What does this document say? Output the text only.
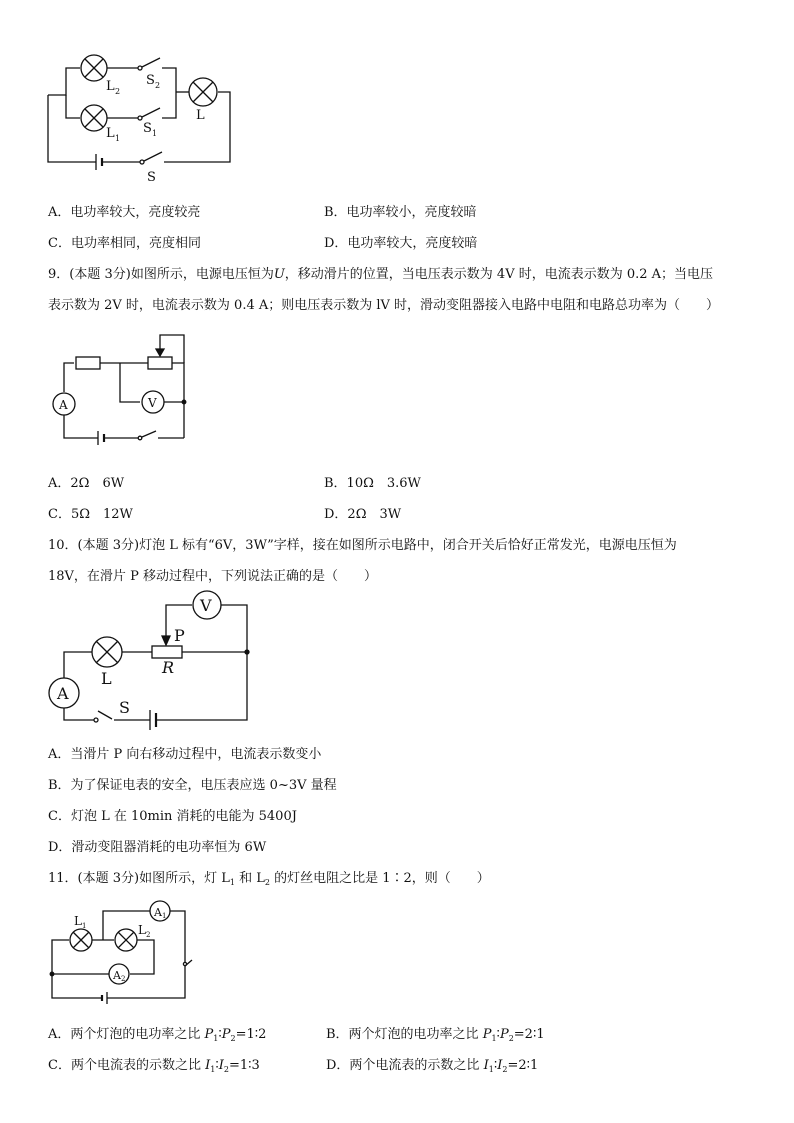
L 2
S 2
L 1
S 1
L
S
A．电功率较大，亮度较亮	B．电功率较小，亮度较暗
C．电功率相同，亮度相同	D．电功率较大，亮度较暗
9．(本题 3分)如图所示，电源电压恒为U，移动滑片的位置，当电压表示数为 4V 时，电流表示数为 0.2 A；当电压
表示数为 2V 时，电流表示数为 0.4 A；则电压表示数为 lV 时，滑动变阻器接入电路中电阻和电路总功率为（　　）
V
A
A．2Ω　6W	B．10Ω　3.6W
C．5Ω　12W	D．2Ω　3W
10．(本题 3分)灯泡 L 标有“6V，3W”字样，接在如图所示电路中，闭合开关后恰好正常发光，电源电压恒为
18V，在滑片 P 移动过程中，下列说法正确的是（　　）
V
P
R
L
A
S
A．当滑片 P 向右移动过程中，电流表示数变小
B．为了保证电表的安全，电压表应选 0~3V 量程
C．灯泡 L 在 10min 消耗的电能为 5400J
D．滑动变阻器消耗的电功率恒为 6W
11．(本题 3分)如图所示，灯 $L_1$ 和 $L_2$ 的灯丝电阻之比是 1∶2，则（　　）
L 1	L 2
A 1
A 2
A．两个灯泡的电功率之比 $P_1∶P_2=1∶2$	B．两个灯泡的电功率之比 $P_1∶P_2=2∶1$
C．两个电流表的示数之比 $I_1∶I_2=1∶3$	D．两个电流表的示数之比 $I_1∶I_2=2∶1$
